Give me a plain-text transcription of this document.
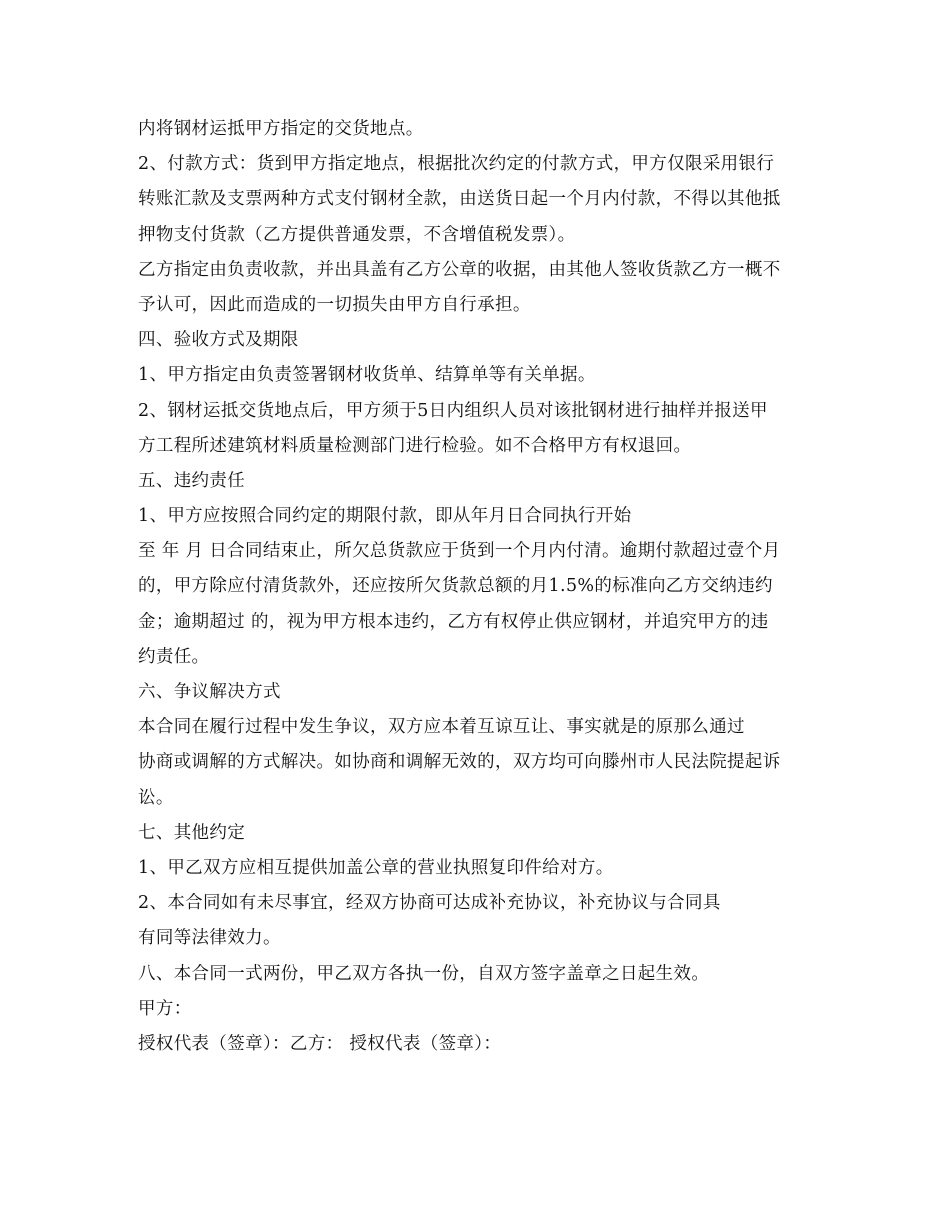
内将钢材运抵甲方指定的交货地点。
2、付款方式：货到甲方指定地点，根据批次约定的付款方式，甲方仅限采用银行
转账汇款及支票两种方式支付钢材全款，由送货日起一个月内付款，不得以其他抵
押物支付货款（乙方提供普通发票，不含增值税发票）。
乙方指定由负责收款，并出具盖有乙方公章的收据，由其他人签收货款乙方一概不
予认可，因此而造成的一切损失由甲方自行承担。
四、验收方式及期限
1、甲方指定由负责签署钢材收货单、结算单等有关单据。
2、钢材运抵交货地点后，甲方须于5日内组织人员对该批钢材进行抽样并报送甲
方工程所述建筑材料质量检测部门进行检验。如不合格甲方有权退回。
五、违约责任
1、甲方应按照合同约定的期限付款，即从年月日合同执行开始
至 年 月 日合同结束止，所欠总货款应于货到一个月内付清。逾期付款超过壹个月
的，甲方除应付清货款外，还应按所欠货款总额的月1.5%的标准向乙方交纳违约
金；逾期超过 的，视为甲方根本违约，乙方有权停止供应钢材，并追究甲方的违
约责任。
六、争议解决方式
本合同在履行过程中发生争议，双方应本着互谅互让、事实就是的原那么通过
协商或调解的方式解决。如协商和调解无效的，双方均可向滕州市人民法院提起诉
讼。
七、其他约定
1、甲乙双方应相互提供加盖公章的营业执照复印件给对方。
2、本合同如有未尽事宜，经双方协商可达成补充协议，补充协议与合同具
有同等法律效力。
八、本合同一式两份，甲乙双方各执一份，自双方签字盖章之日起生效。
甲方：
授权代表（签章）：乙方： 授权代表（签章）：
